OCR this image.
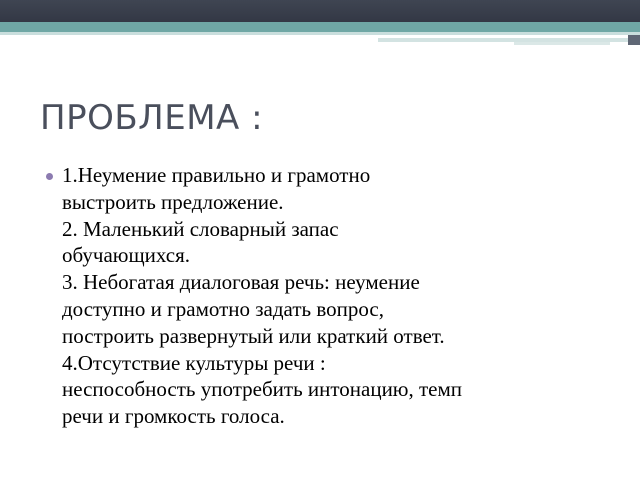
ПРОБЛЕМА :
1.Неумение правильно и грамотно
выстроить предложение.
2. Маленький словарный запас
обучающихся.
3. Небогатая диалоговая речь: неумение
доступно и грамотно задать вопрос,
построить развернутый или краткий ответ.
4.Отсутствие культуры речи :
неспособность употребить интонацию, темп
речи и громкость голоса.
